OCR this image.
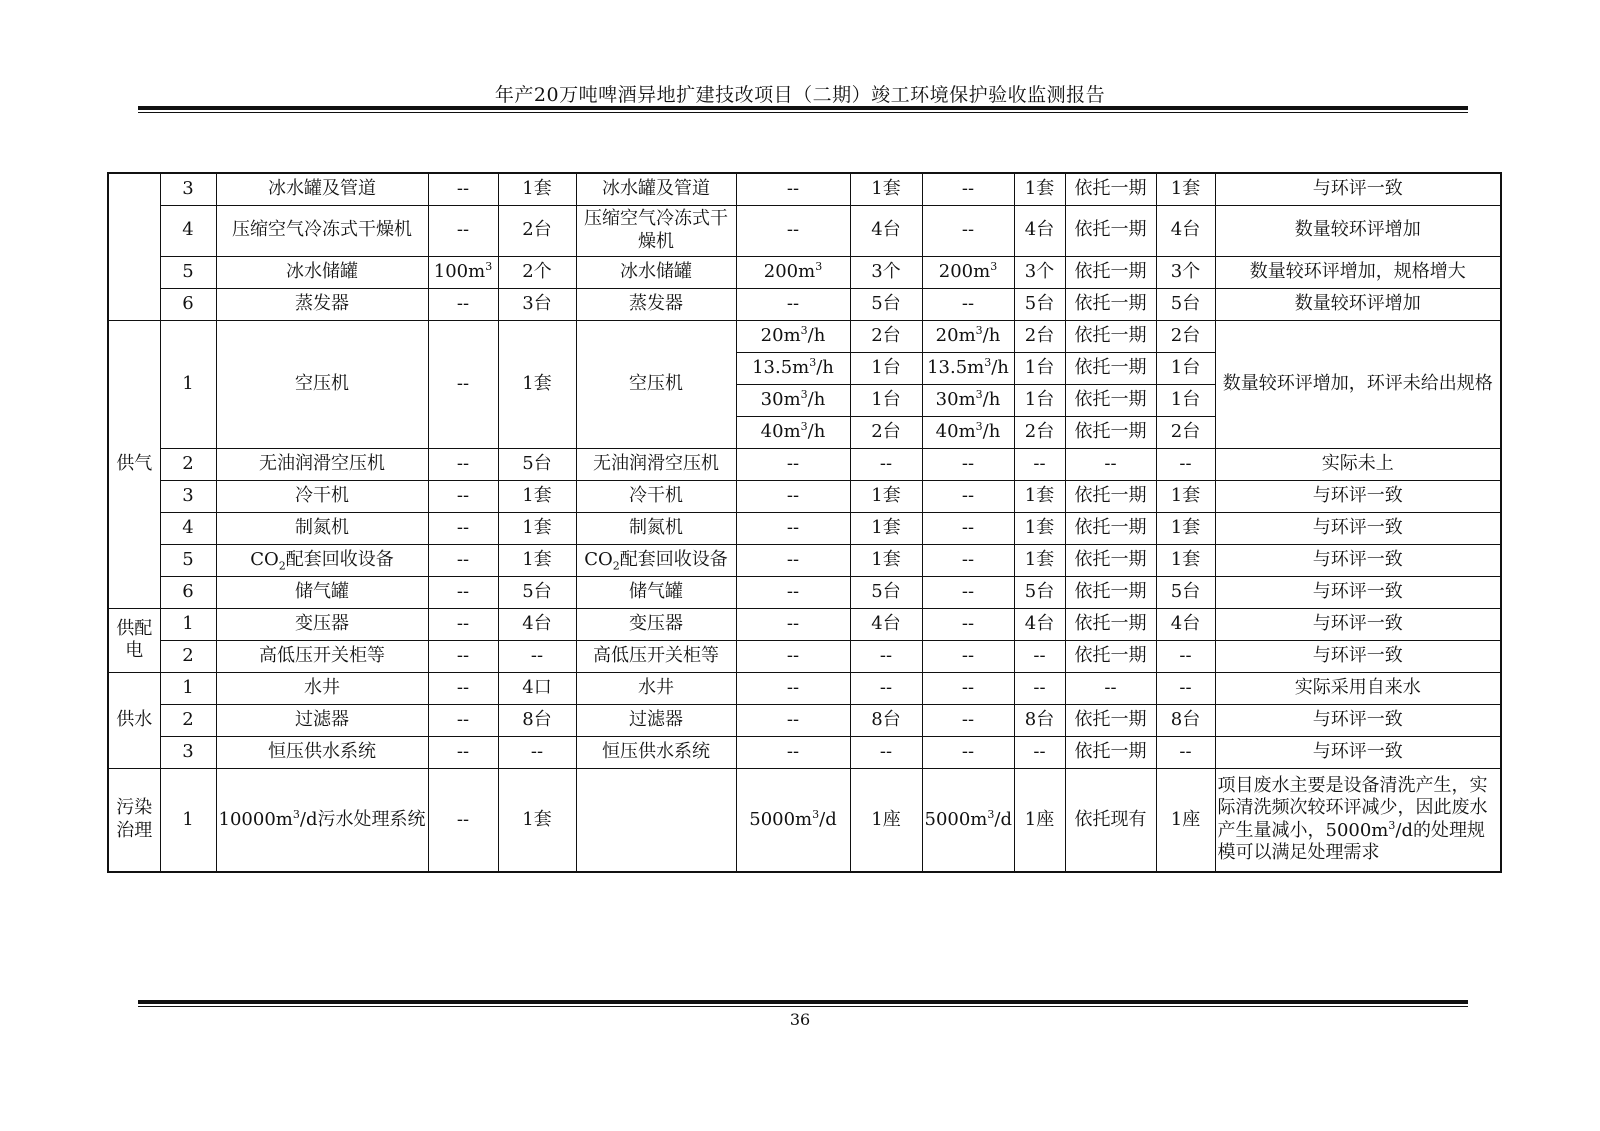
年产20万吨啤酒异地扩建技改项目（二期）竣工环境保护验收监测报告
	3	冰水罐及管道	--	1套	冰水罐及管道	--	1套	--	1套	依托一期	1套	与环评一致
	4	压缩空气冷冻式干燥机	--	2台	压缩空气冷冻式干燥机	--	4台	--	4台	依托一期	4台	数量较环评增加
	5	冰水储罐	$100m^3$	2个	冰水储罐	$200m^3$	3个	$200m^3$	3个	依托一期	3个	数量较环评增加，规格增大
	6	蒸发器	--	3台	蒸发器	--	5台	--	5台	依托一期	5台	数量较环评增加
供气	1	空压机	--	1套	空压机	$20m^3/h$	2台	$20m^3/h$	2台	依托一期	2台	数量较环评增加，环评未给出规格
						$13.5m^3/h$	1台	$13.5m^3/h$	1台	依托一期	1台	
						$30m^3/h$	1台	$30m^3/h$	1台	依托一期	1台	
						$40m^3/h$	2台	$40m^3/h$	2台	依托一期	2台	
	2	无油润滑空压机	--	5台	无油润滑空压机	--	--	--	--	--	--	实际未上
	3	冷干机	--	1套	冷干机	--	1套	--	1套	依托一期	1套	与环评一致
	4	制氮机	--	1套	制氮机	--	1套	--	1套	依托一期	1套	与环评一致
	5	$CO_2$配套回收设备	--	1套	$CO_2$配套回收设备	--	1套	--	1套	依托一期	1套	与环评一致
	6	储气罐	--	5台	储气罐	--	5台	--	5台	依托一期	5台	与环评一致
供配电	1	变压器	--	4台	变压器	--	4台	--	4台	依托一期	4台	与环评一致
	2	高低压开关柜等	--	--	高低压开关柜等	--	--	--	--	依托一期	--	与环评一致
供水	1	水井	--	4口	水井	--	--	--	--	--	--	实际采用自来水
	2	过滤器	--	8台	过滤器	--	8台	--	8台	依托一期	8台	与环评一致
	3	恒压供水系统	--	--	恒压供水系统	--	--	--	--	依托一期	--	与环评一致
污染治理	1	$10000m^3/d$污水处理系统	--	1套		$5000m^3/d$	1座	$5000m^3/d$	1座	依托现有	1座	项目废水主要是设备清洗产生，实际清洗频次较环评减少，因此废水产生量减小，$5000m^3/d$的处理规模可以满足处理需求
36
